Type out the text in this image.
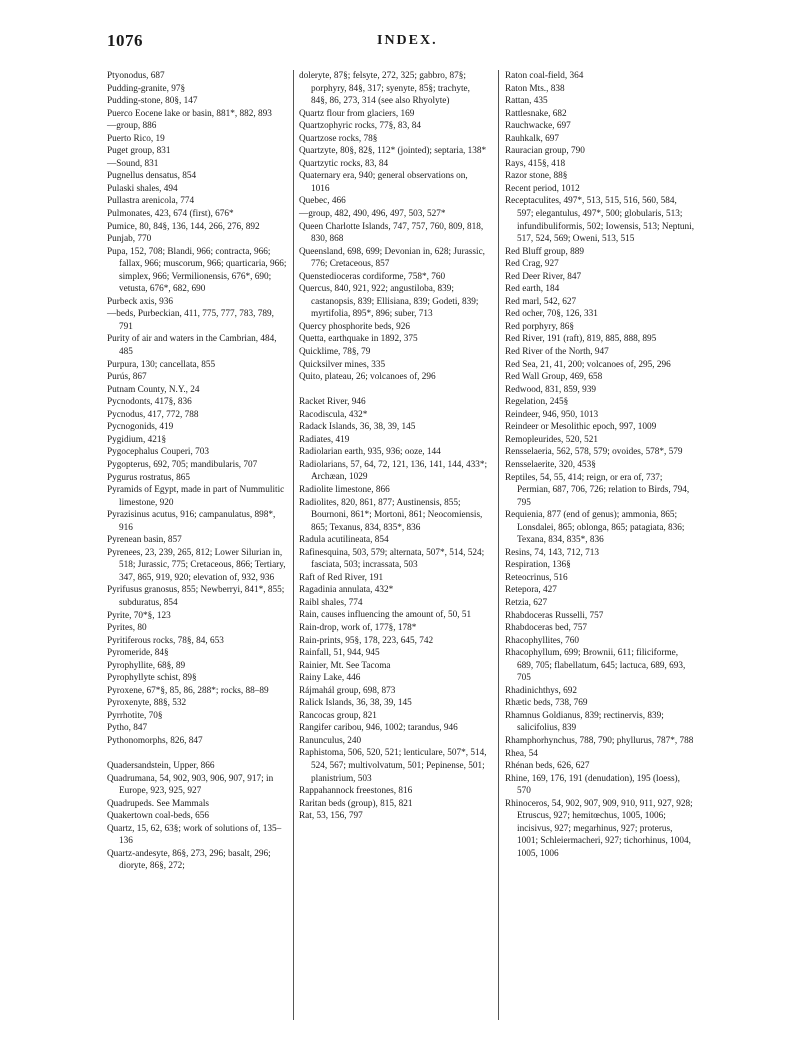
1076	INDEX.
Ptyonodus, 687
Pudding-granite, 97§
Pudding-stone, 80§, 147
Puerco Eocene lake or basin, 881*, 882, 893
—group, 886
Puerto Rico, 19
Puget group, 831
—Sound, 831
Pugnellus densatus, 854
Pulaski shales, 494
Pullastra arenicola, 774
Pulmonates, 423, 674 (first), 676*
Pumice, 80, 84§, 136, 144, 266, 276, 892
Punjab, 770
Pupa, 152, 708; Blandi, 966; contracta, 966; fallax, 966; muscorum, 966; quarticaria, 966; simplex, 966; Vermilionensis, 676*, 690; vetusta, 676*, 682, 690
Purbeck axis, 936
—beds, Purbeckian, 411, 775, 777, 783, 789, 791
Purity of air and waters in the Cambrian, 484, 485
Purpura, 130; cancellata, 855
Purús, 867
Putnam County, N.Y., 24
Pycnodonts, 417§, 836
Pycnodus, 417, 772, 788
Pycnogonids, 419
Pygidium, 421§
Pygocephalus Couperi, 703
Pygopterus, 692, 705; mandibularis, 707
Pygurus rostratus, 865
Pyramids of Egypt, made in part of Nummulitic limestone, 920
Pyrazisinus acutus, 916; campanulatus, 898*, 916
Pyrenean basin, 857
Pyrenees, 23, 239, 265, 812; Lower Silurian in, 518; Jurassic, 775; Cretaceous, 866; Tertiary, 347, 865, 919, 920; elevation of, 932, 936
Pyrifusus granosus, 855; Newberryi, 841*, 855; subduratus, 854
Pyrite, 70*§, 123
Pyrites, 80
Pyritiferous rocks, 78§, 84, 653
Pyromeride, 84§
Pyrophyllite, 68§, 89
Pyrophyllyte schist, 89§
Pyroxene, 67*§, 85, 86, 288*; rocks, 88–89
Pyroxenyte, 88§, 532
Pyrrhotite, 70§
Pytho, 847
Pythonomorphs, 826, 847
Quadersandstein, Upper, 866
Quadrumana, 54, 902, 903, 906, 907, 917; in Europe, 923, 925, 927
Quadrupeds. See Mammals
Quakertown coal-beds, 656
Quartz, 15, 62, 63§; work of solutions of, 135–136
Quartz-andesyte, 86§, 273, 296; basalt, 296; dioryte, 86§, 272;
doleryte, 87§; felsyte, 272, 325; gabbro, 87§; porphyry, 84§, 317; syenyte, 85§; trachyte, 84§, 86, 273, 314 (see also Rhyolyte)
Quartz flour from glaciers, 169
Quartzophyric rocks, 77§, 83, 84
Quartzose rocks, 78§
Quartzyte, 80§, 82§, 112* (jointed); septaria, 138*
Quartzytic rocks, 83, 84
Quaternary era, 940; general observations on, 1016
Quebec, 466
—group, 482, 490, 496, 497, 503, 527*
Queen Charlotte Islands, 747, 757, 760, 809, 818, 830, 868
Queensland, 698, 699; Devonian in, 628; Jurassic, 776; Cretaceous, 857
Quenstedioceras cordiforme, 758*, 760
Quercus, 840, 921, 922; angustiloba, 839; castanopsis, 839; Ellisiana, 839; Godeti, 839; myrtifolia, 895*, 896; suber, 713
Quercy phosphorite beds, 926
Quetta, earthquake in 1892, 375
Quicklime, 78§, 79
Quicksilver mines, 335
Quito, plateau, 26; volcanoes of, 296
Racket River, 946
Racodiscula, 432*
Radack Islands, 36, 38, 39, 145
Radiates, 419
Radiolarian earth, 935, 936; ooze, 144
Radiolarians, 57, 64, 72, 121, 136, 141, 144, 433*; Archæan, 1029
Radiolite limestone, 866
Radiolites, 820, 861, 877; Austinensis, 855; Bournoni, 861*; Mortoni, 861; Neocomiensis, 865; Texanus, 834, 835*, 836
Radula acutilineata, 854
Rafinesquina, 503, 579; alternata, 507*, 514, 524; fasciata, 503; incrassata, 503
Raft of Red River, 191
Ragadinia annulata, 432*
Raibl shales, 774
Rain, causes influencing the amount of, 50, 51
Rain-drop, work of, 177§, 178*
Rain-prints, 95§, 178, 223, 645, 742
Rainfall, 51, 944, 945
Rainier, Mt. See Tacoma
Rainy Lake, 446
Rájmahál group, 698, 873
Ralick Islands, 36, 38, 39, 145
Rancocas group, 821
Rangifer caribou, 946, 1002; tarandus, 946
Ranunculus, 240
Raphistoma, 506, 520, 521; lenticulare, 507*, 514, 524, 567; multivolvatum, 501; Pepinense, 501; planistrium, 503
Rappahannock freestones, 816
Raritan beds (group), 815, 821
Rat, 53, 156, 797
Raton coal-field, 364
Raton Mts., 838
Rattan, 435
Rattlesnake, 682
Rauchwacke, 697
Rauhkalk, 697
Rauracian group, 790
Rays, 415§, 418
Razor stone, 88§
Recent period, 1012
Receptaculites, 497*, 513, 515, 516, 560, 584, 597; elegantulus, 497*, 500; globularis, 513; infundibuliformis, 502; Iowensis, 513; Neptuni, 517, 524, 569; Oweni, 513, 515
Red Bluff group, 889
Red Crag, 927
Red Deer River, 847
Red earth, 184
Red marl, 542, 627
Red ocher, 70§, 126, 331
Red porphyry, 86§
Red River, 191 (raft), 819, 885, 888, 895
Red River of the North, 947
Red Sea, 21, 41, 200; volcanoes of, 295, 296
Red Wall Group, 469, 658
Redwood, 831, 859, 939
Regelation, 245§
Reindeer, 946, 950, 1013
Reindeer or Mesolithic epoch, 997, 1009
Remopleurides, 520, 521
Rensselaeria, 562, 578, 579; ovoides, 578*, 579
Rensselaerite, 320, 453§
Reptiles, 54, 55, 414; reign, or era of, 737; Permian, 687, 706, 726; relation to Birds, 794, 795
Requienia, 877 (end of genus); ammonia, 865; Lonsdalei, 865; oblonga, 865; patagiata, 836; Texana, 834, 835*, 836
Resins, 74, 143, 712, 713
Respiration, 136§
Reteocrinus, 516
Retepora, 427
Retzia, 627
Rhabdoceras Russelli, 757
Rhabdoceras bed, 757
Rhacophyllites, 760
Rhacophyllum, 699; Brownii, 611; filiciforme, 689, 705; flabellatum, 645; lactuca, 689, 693, 705
Rhadinichthys, 692
Rhætic beds, 738, 769
Rhamnus Goldianus, 839; rectinervis, 839; salicifolius, 839
Rhamphorhynchus, 788, 790; phyllurus, 787*, 788
Rhea, 54
Rhénan beds, 626, 627
Rhine, 169, 176, 191 (denudation), 195 (loess), 570
Rhinoceros, 54, 902, 907, 909, 910, 911, 927, 928; Etruscus, 927; hemitœchus, 1005, 1006; incisivus, 927; megarhinus, 927; proterus, 1001; Schleiermacheri, 927; tichorhinus, 1004, 1005, 1006
